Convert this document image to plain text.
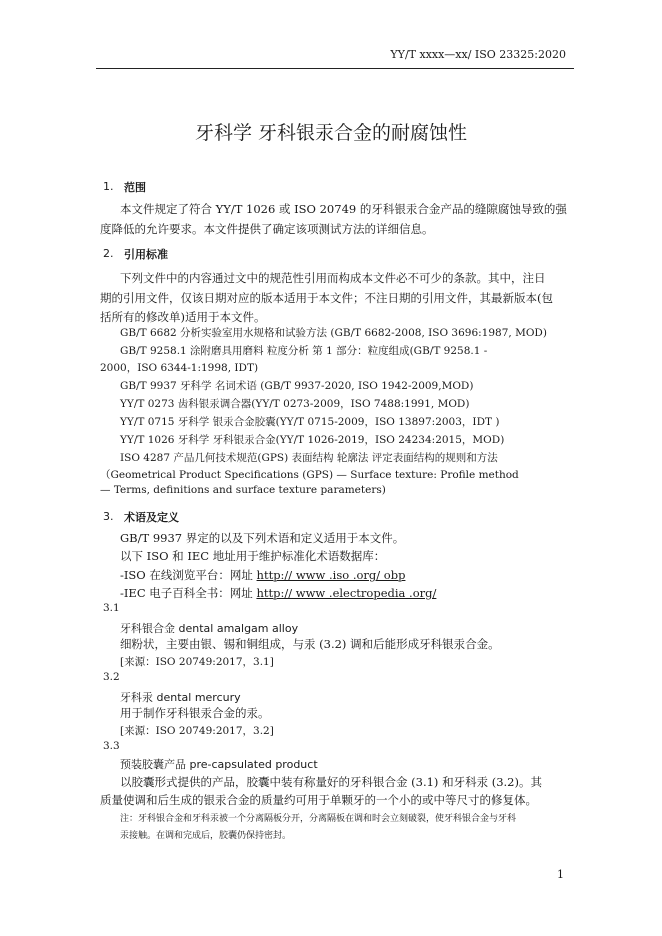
YY/T xxxx—xx/ ISO 23325:2020
牙科学 牙科银汞合金的耐腐蚀性
1. 范围
本文件规定了符合 YY/T 1026 或 ISO 20749 的牙科银汞合金产品的缝隙腐蚀导致的强
度降低的允许要求。本文件提供了确定该项测试方法的详细信息。
2. 引用标准
下列文件中的内容通过文中的规范性引用而构成本文件必不可少的条款。其中，注日
期的引用文件，仅该日期对应的版本适用于本文件；不注日期的引用文件，其最新版本(包
括所有的修改单)适用于本文件。
GB/T 6682 分析实验室用水规格和试验方法 (GB/T 6682-2008, ISO 3696:1987, MOD)
GB/T 9258.1 涂附磨具用磨料 粒度分析 第 1 部分：粒度组成(GB/T 9258.1 -
2000，ISO 6344-1:1998, IDT)
GB/T 9937 牙科学 名词术语 (GB/T 9937-2020, ISO 1942-2009,MOD)
YY/T 0273 齿科银汞调合器(YY/T 0273-2009，ISO 7488:1991, MOD)
YY/T 0715 牙科学 银汞合金胶囊(YY/T 0715-2009，ISO 13897:2003，IDT )
YY/T 1026 牙科学 牙科银汞合金(YY/T 1026-2019，ISO 24234:2015，MOD)
ISO 4287 产品几何技术规范(GPS) 表面结构 轮廓法 评定表面结构的规则和方法
（Geometrical Product Specifications (GPS) — Surface texture: Profile method
— Terms, definitions and surface texture parameters)
3. 术语及定义
GB/T 9937 界定的以及下列术语和定义适用于本文件。
以下 ISO 和 IEC 地址用于维护标准化术语数据库：
-ISO 在线浏览平台：网址 http:// www .iso .org/ obp
-IEC 电子百科全书：网址 http:// www .electropedia .org/
3.1
牙科银合金 dental amalgam alloy
细粉状，主要由银、锡和铜组成，与汞 (3.2) 调和后能形成牙科银汞合金。
[来源：ISO 20749:2017，3.1]
3.2
牙科汞 dental mercury
用于制作牙科银汞合金的汞。
[来源：ISO 20749:2017，3.2]
3.3
预装胶囊产品 pre-capsulated product
以胶囊形式提供的产品，胶囊中装有称量好的牙科银合金 (3.1) 和牙科汞 (3.2)。其
质量使调和后生成的银汞合金的质量约可用于单颗牙的一个小的或中等尺寸的修复体。
注：牙科银合金和牙科汞被一个分离隔板分开，分离隔板在调和时会立刻破裂，使牙科银合金与牙科
汞接触。在调和完成后，胶囊仍保持密封。
1
